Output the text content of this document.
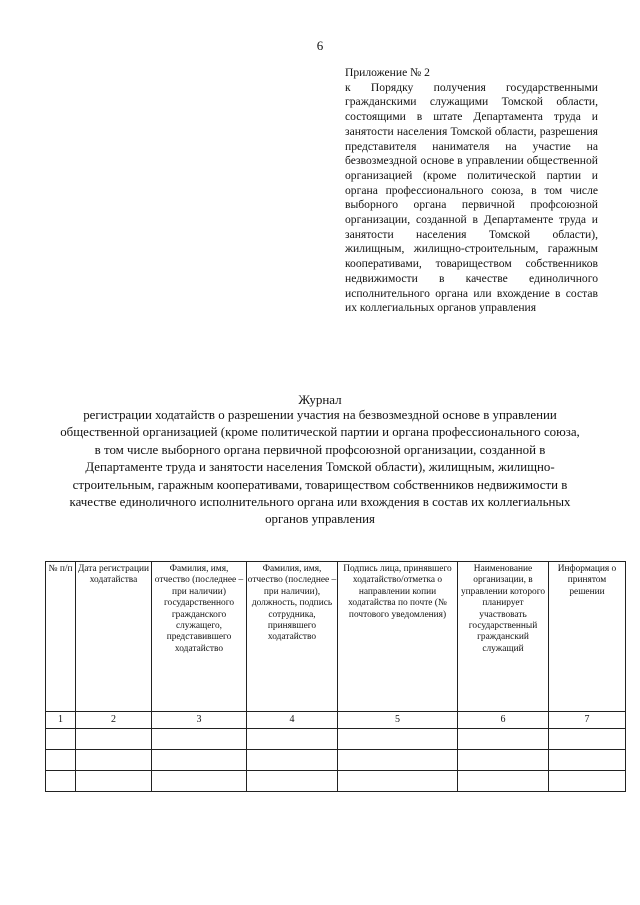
6
Приложение № 2
к Порядку получения государственными гражданскими служащими Томской области, состоящими в штате Департамента труда и занятости населения Томской области, разрешения представителя нанимателя на участие на безвозмездной основе в управлении общественной организацией (кроме политической партии и органа профессионального союза, в том числе выборного органа первичной профсоюзной организации, созданной в Департаменте труда и занятости населения Томской области), жилищным, жилищно-строительным, гаражным кооперативами, товариществом собственников недвижимости в качестве единоличного исполнительного органа или вхождение в состав их коллегиальных органов управления
Журнал
регистрации ходатайств о разрешении участия на безвозмездной основе в управлении общественной организацией (кроме политической партии и органа профессионального союза, в том числе выборного органа первичной профсоюзной организации, созданной в Департаменте труда и занятости населения Томской области), жилищным, жилищно-строительным, гаражным кооперативами, товариществом собственников недвижимости в качестве единоличного исполнительного органа или вхождения в состав их коллегиальных органов управления
№ п/п	Дата регистрации ходатайства	Фамилия, имя, отчество (последнее – при наличии) государственного гражданского служащего, представившего ходатайство	Фамилия, имя, отчество (последнее – при наличии), должность, подпись сотрудника, принявшего ходатайство	Подпись лица, принявшего ходатайство/отметка о направлении копии ходатайства по почте (№ почтового уведомления)	Наименование организации, в управлении которого планирует участвовать государственный гражданский служащий	Информация о принятом решении
1	2	3	4	5	6	7
